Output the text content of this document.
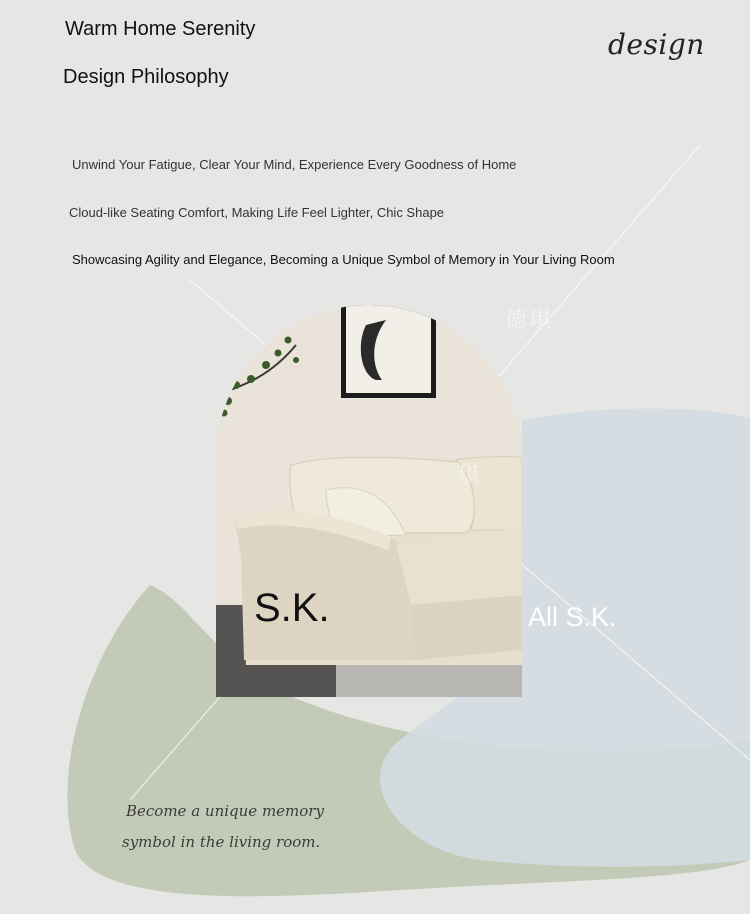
Warm Home Serenity
Design Philosophy
design
Unwind Your Fatigue, Clear Your Mind, Experience Every Goodness of Home
Cloud-like Seating Comfort, Making Life Feel Lighter, Chic Shape
Showcasing Agility and Elegance, Becoming a Unique Symbol of Memory in Your Living Room
德琪
琪
S.K.	All S.K.
Become a unique memory
symbol in the living room.
